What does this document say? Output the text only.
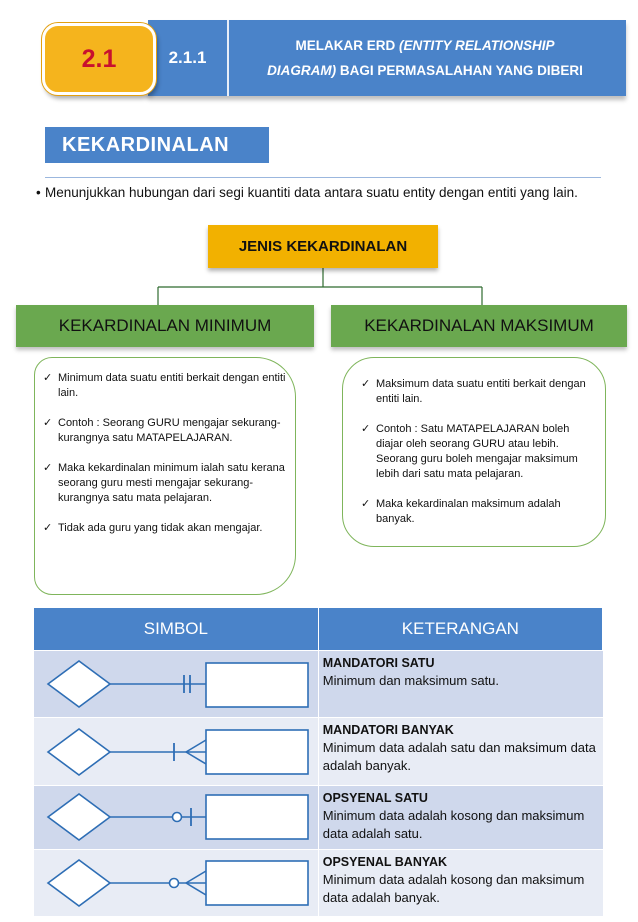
2.1.1
MELAKAR ERD (ENTITY RELATIONSHIP
DIAGRAM) BAGI PERMASALAHAN YANG DIBERI
2.1
KEKARDINALAN
• Menunjukkan hubungan dari segi kuantiti data antara suatu entity dengan entiti yang lain.
JENIS KEKARDINALAN
KEKARDINALAN MINIMUM	KEKARDINALAN MAKSIMUM
✓ Minimum data suatu entiti berkait dengan entiti lain.
✓ Contoh : Seorang GURU mengajar sekurang-kurangnya satu MATAPELAJARAN.
✓ Maka kekardinalan minimum ialah satu kerana seorang guru mesti mengajar sekurang-kurangnya satu mata pelajaran.
✓ Tidak ada guru yang tidak akan mengajar.
✓ Maksimum data suatu entiti berkait dengan entiti lain.
✓ Contoh : Satu MATAPELAJARAN boleh diajar oleh seorang GURU atau lebih. Seorang guru boleh mengajar maksimum lebih dari satu mata pelajaran.
✓ Maka kekardinalan maksimum adalah banyak.
SIMBOL	KETERANGAN

MANDATORI SATU
Minimum dan maksimum satu.

MANDATORI BANYAK
Minimum data adalah satu dan maksimum data adalah banyak.

OPSYENAL SATU
Minimum data adalah kosong dan maksimum data adalah satu.

OPSYENAL BANYAK
Minimum data adalah kosong dan maksimum data adalah banyak.
